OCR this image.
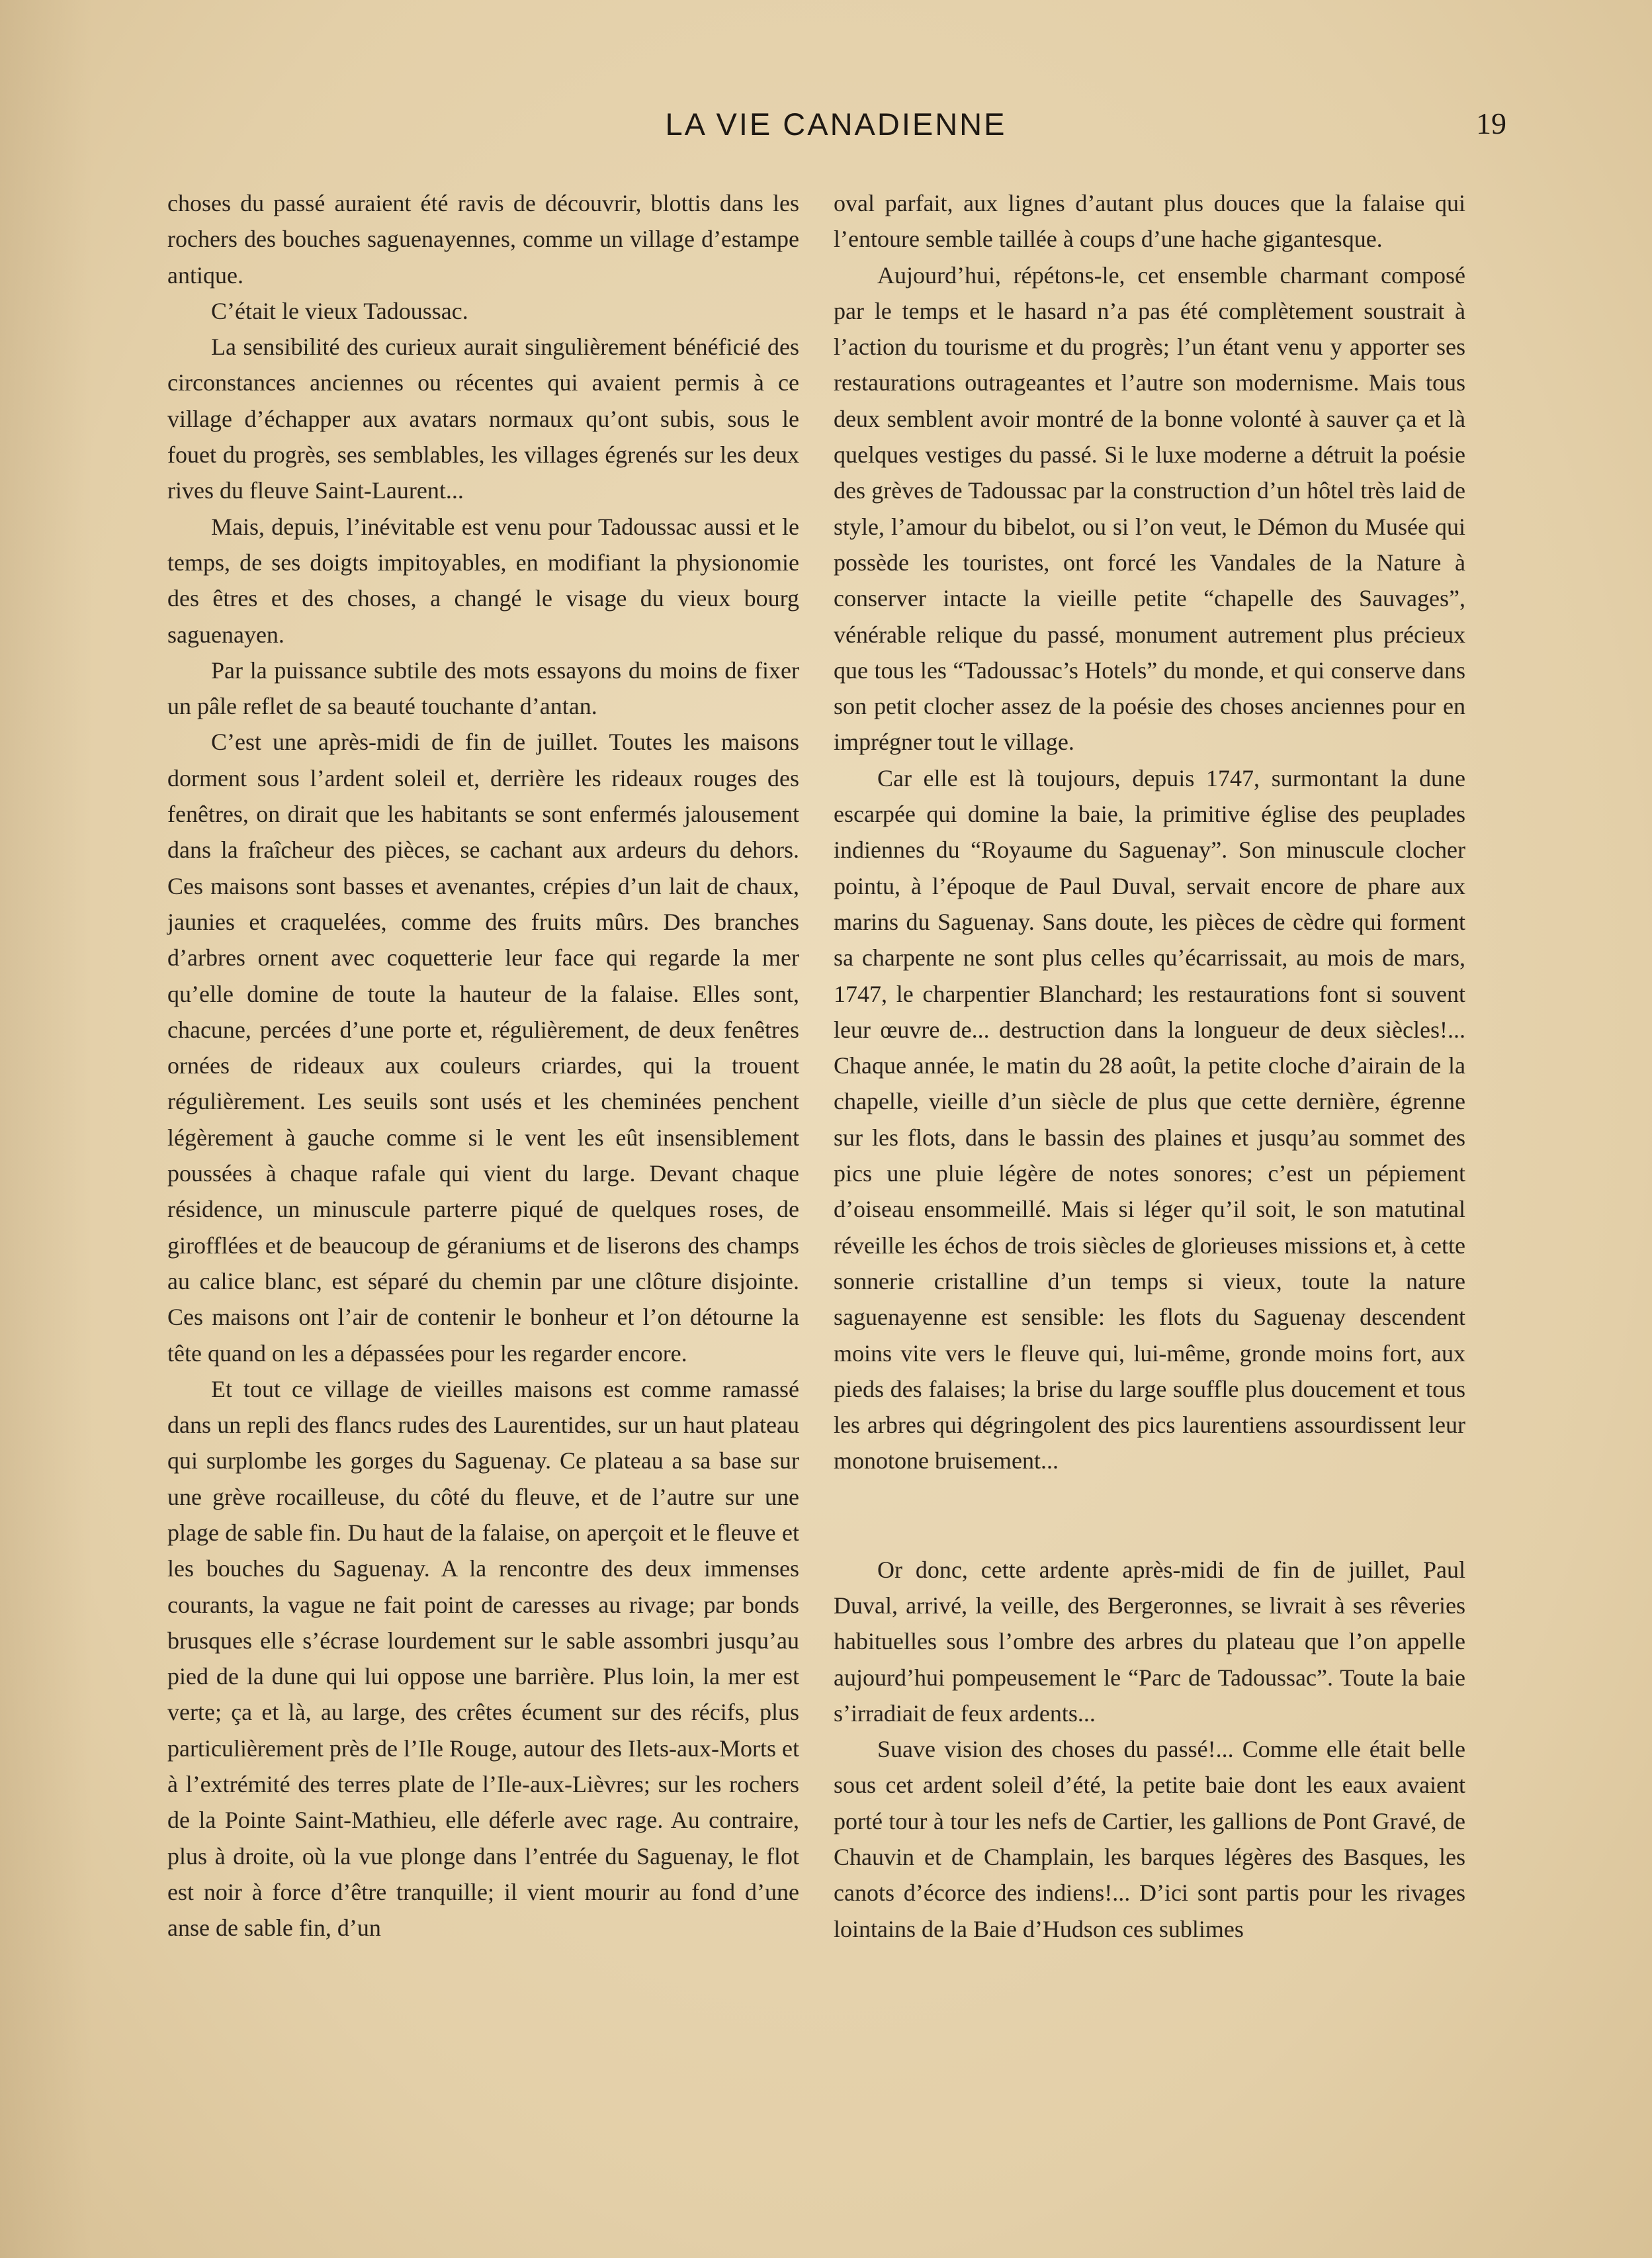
LA VIE CANADIENNE	19

choses du passé auraient été ravis de découvrir, blottis dans les rochers des bouches saguenayennes, comme un village d’estampe antique.

C’était le vieux Tadoussac.

La sensibilité des curieux aurait singulièrement bénéficié des circonstances anciennes ou récentes qui avaient permis à ce village d’échapper aux avatars normaux qu’ont subis, sous le fouet du progrès, ses semblables, les villages égrenés sur les deux rives du fleuve Saint-Laurent...

Mais, depuis, l’inévitable est venu pour Tadoussac aussi et le temps, de ses doigts impitoyables, en modifiant la physionomie des êtres et des choses, a changé le visage du vieux bourg saguenayen.

Par la puissance subtile des mots essayons du moins de fixer un pâle reflet de sa beauté touchante d’antan.

C’est une après-midi de fin de juillet. Toutes les maisons dorment sous l’ardent soleil et, derrière les rideaux rouges des fenêtres, on dirait que les habitants se sont enfermés jalousement dans la fraîcheur des pièces, se cachant aux ardeurs du dehors. Ces maisons sont basses et avenantes, crépies d’un lait de chaux, jaunies et craquelées, comme des fruits mûrs. Des branches d’arbres ornent avec coquetterie leur face qui regarde la mer qu’elle domine de toute la hauteur de la falaise. Elles sont, chacune, percées d’une porte et, régulièrement, de deux fenêtres ornées de rideaux aux couleurs criardes, qui la trouent régulièrement. Les seuils sont usés et les cheminées penchent légèrement à gauche comme si le vent les eût insensiblement poussées à chaque rafale qui vient du large. Devant chaque résidence, un minuscule parterre piqué de quelques roses, de girofflées et de beaucoup de géraniums et de liserons des champs au calice blanc, est séparé du chemin par une clôture disjointe. Ces maisons ont l’air de contenir le bonheur et l’on détourne la tête quand on les a dépassées pour les regarder encore.

Et tout ce village de vieilles maisons est comme ramassé dans un repli des flancs rudes des Laurentides, sur un haut plateau qui surplombe les gorges du Saguenay. Ce plateau a sa base sur une grève rocailleuse, du côté du fleuve, et de l’autre sur une plage de sable fin. Du haut de la falaise, on aperçoit et le fleuve et les bouches du Saguenay. A la rencontre des deux immenses courants, la vague ne fait point de caresses au rivage; par bonds brusques elle s’écrase lourdement sur le sable assombri jusqu’au pied de la dune qui lui oppose une barrière. Plus loin, la mer est verte; ça et là, au large, des crêtes écument sur des récifs, plus particulièrement près de l’Ile Rouge, autour des Ilets-aux-Morts et à l’extrémité des terres plate de l’Ile-aux-Lièvres; sur les rochers de la Pointe Saint-Mathieu, elle déferle avec rage. Au contraire, plus à droite, où la vue plonge dans l’entrée du Saguenay, le flot est noir à force d’être tranquille; il vient mourir au fond d’une anse de sable fin, d’un

oval parfait, aux lignes d’autant plus douces que la falaise qui l’entoure semble taillée à coups d’une hache gigantesque.

Aujourd’hui, répétons-le, cet ensemble charmant composé par le temps et le hasard n’a pas été complètement soustrait à l’action du tourisme et du progrès; l’un étant venu y apporter ses restaurations outrageantes et l’autre son modernisme. Mais tous deux semblent avoir montré de la bonne volonté à sauver ça et là quelques vestiges du passé. Si le luxe moderne a détruit la poésie des grèves de Tadoussac par la construction d’un hôtel très laid de style, l’amour du bibelot, ou si l’on veut, le Démon du Musée qui possède les touristes, ont forcé les Vandales de la Nature à conserver intacte la vieille petite “chapelle des Sauvages”, vénérable relique du passé, monument autrement plus précieux que tous les “Tadoussac’s Hotels” du monde, et qui conserve dans son petit clocher assez de la poésie des choses anciennes pour en imprégner tout le village.

Car elle est là toujours, depuis 1747, surmontant la dune escarpée qui domine la baie, la primitive église des peuplades indiennes du “Royaume du Saguenay”. Son minuscule clocher pointu, à l’époque de Paul Duval, servait encore de phare aux marins du Saguenay. Sans doute, les pièces de cèdre qui forment sa charpente ne sont plus celles qu’écarrissait, au mois de mars, 1747, le charpentier Blanchard; les restaurations font si souvent leur œuvre de... destruction dans la longueur de deux siècles!... Chaque année, le matin du 28 août, la petite cloche d’airain de la chapelle, vieille d’un siècle de plus que cette dernière, égrenne sur les flots, dans le bassin des plaines et jusqu’au sommet des pics une pluie légère de notes sonores; c’est un pépiement d’oiseau ensommeillé. Mais si léger qu’il soit, le son matutinal réveille les échos de trois siècles de glorieuses missions et, à cette sonnerie cristalline d’un temps si vieux, toute la nature saguenayenne est sensible: les flots du Saguenay descendent moins vite vers le fleuve qui, lui-même, gronde moins fort, aux pieds des falaises; la brise du large souffle plus doucement et tous les arbres qui dégringolent des pics laurentiens assourdissent leur monotone bruisement...

Or donc, cette ardente après-midi de fin de juillet, Paul Duval, arrivé, la veille, des Bergeronnes, se livrait à ses rêveries habituelles sous l’ombre des arbres du plateau que l’on appelle aujourd’hui pompeusement le “Parc de Tadoussac”. Toute la baie s’irradiait de feux ardents...

Suave vision des choses du passé!... Comme elle était belle sous cet ardent soleil d’été, la petite baie dont les eaux avaient porté tour à tour les nefs de Cartier, les gallions de Pont Gravé, de Chauvin et de Champlain, les barques légères des Basques, les canots d’écorce des indiens!... D’ici sont partis pour les rivages lointains de la Baie d’Hudson ces sublimes
